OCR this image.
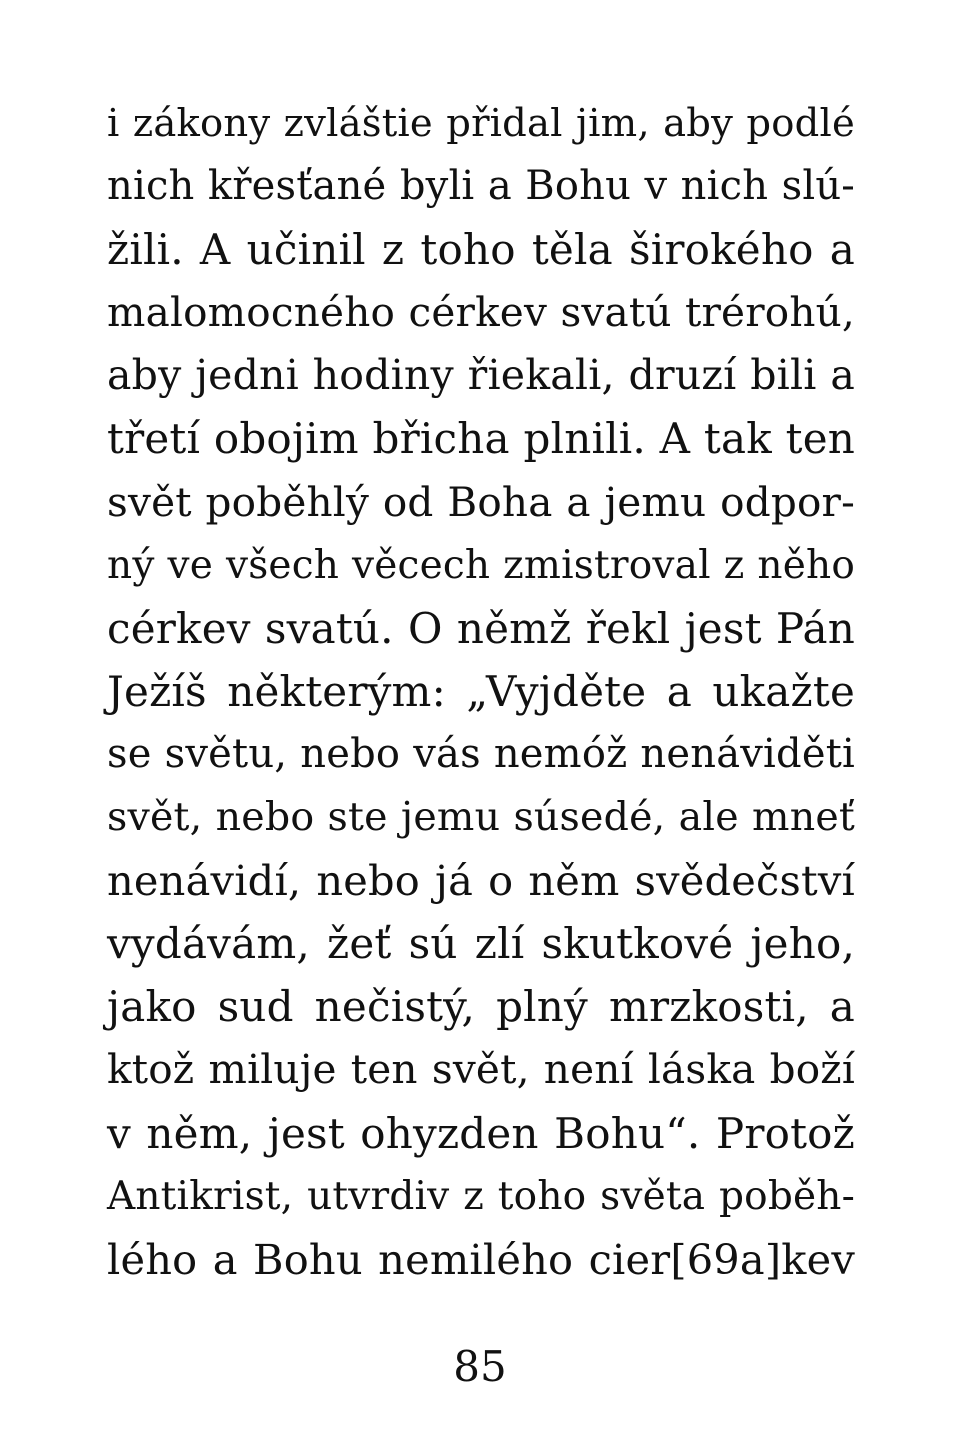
i zákony zvláštie přidal jim, aby podlé
nich křesťané byli a Bohu v nich slú-
žili. A učinil z toho těla širokého a
malomocného cérkev svatú trérohú,
aby jedni hodiny řiekali, druzí bili a
třetí obojim břicha plnili. A tak ten
svět poběhlý od Boha a jemu odpor-
ný ve všech věcech zmistroval z něho
cérkev svatú. O němž řekl jest Pán
Ježíš některým: „Vyjděte a ukažte
se světu, nebo vás nemóž nenáviděti
svět, nebo ste jemu súsedé, ale mneť
nenávidí, nebo já o něm svědečství
vydávám, žeť sú zlí skutkové jeho,
jako sud nečistý, plný mrzkosti, a
ktož miluje ten svět, není láska boží
v něm, jest ohyzden Bohu“. Protož
Antikrist, utvrdiv z toho světa poběh-
lého a Bohu nemilého cier[69a]kev
85
